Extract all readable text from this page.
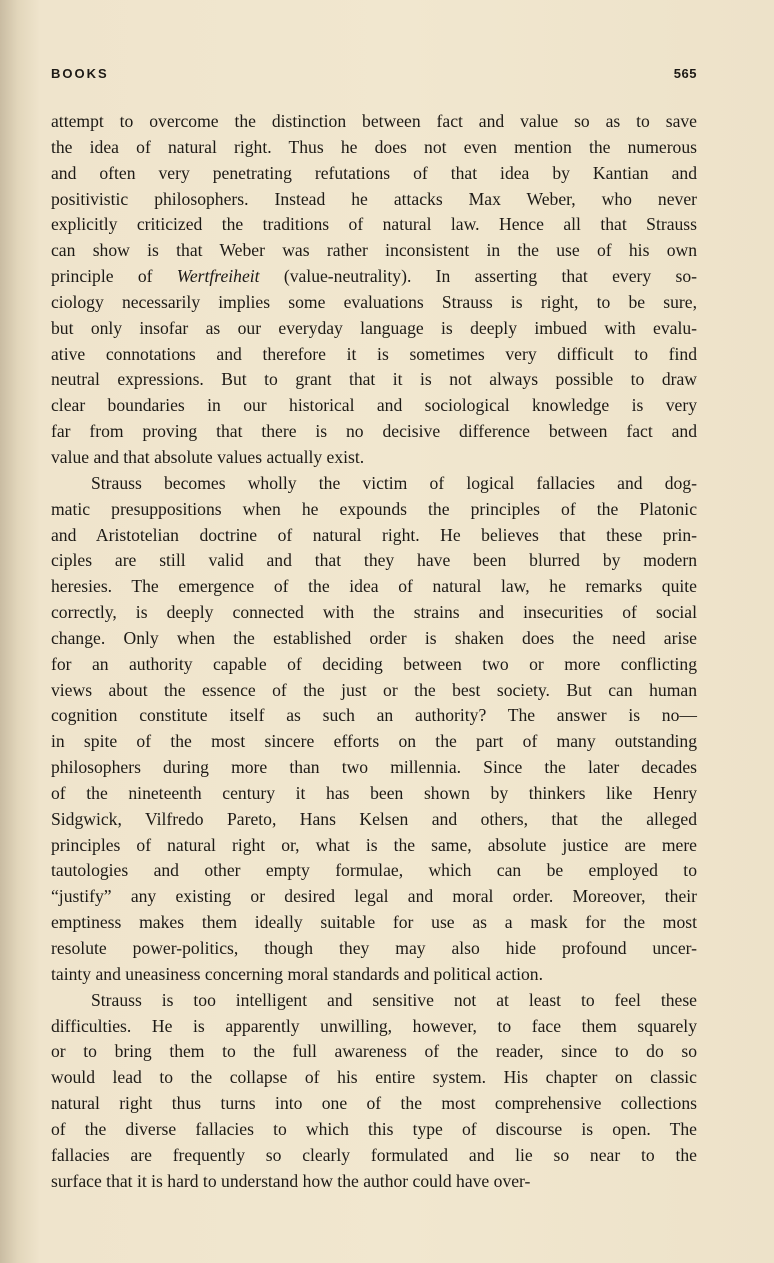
BOOKS	565
attempt to overcome the distinction between fact and value so as to save
the idea of natural right. Thus he does not even mention the numerous
and often very penetrating refutations of that idea by Kantian and
positivistic philosophers. Instead he attacks Max Weber, who never
explicitly criticized the traditions of natural law. Hence all that Strauss
can show is that Weber was rather inconsistent in the use of his own
principle of Wertfreiheit (value-neutrality). In asserting that every so-
ciology necessarily implies some evaluations Strauss is right, to be sure,
but only insofar as our everyday language is deeply imbued with evalu-
ative connotations and therefore it is sometimes very difficult to find
neutral expressions. But to grant that it is not always possible to draw
clear boundaries in our historical and sociological knowledge is very
far from proving that there is no decisive difference between fact and
value and that absolute values actually exist.
Strauss becomes wholly the victim of logical fallacies and dog-
matic presuppositions when he expounds the principles of the Platonic
and Aristotelian doctrine of natural right. He believes that these prin-
ciples are still valid and that they have been blurred by modern
heresies. The emergence of the idea of natural law, he remarks quite
correctly, is deeply connected with the strains and insecurities of social
change. Only when the established order is shaken does the need arise
for an authority capable of deciding between two or more conflicting
views about the essence of the just or the best society. But can human
cognition constitute itself as such an authority? The answer is no—
in spite of the most sincere efforts on the part of many outstanding
philosophers during more than two millennia. Since the later decades
of the nineteenth century it has been shown by thinkers like Henry
Sidgwick, Vilfredo Pareto, Hans Kelsen and others, that the alleged
principles of natural right or, what is the same, absolute justice are mere
tautologies and other empty formulae, which can be employed to
“justify” any existing or desired legal and moral order. Moreover, their
emptiness makes them ideally suitable for use as a mask for the most
resolute power-politics, though they may also hide profound uncer-
tainty and uneasiness concerning moral standards and political action.
Strauss is too intelligent and sensitive not at least to feel these
difficulties. He is apparently unwilling, however, to face them squarely
or to bring them to the full awareness of the reader, since to do so
would lead to the collapse of his entire system. His chapter on classic
natural right thus turns into one of the most comprehensive collections
of the diverse fallacies to which this type of discourse is open. The
fallacies are frequently so clearly formulated and lie so near to the
surface that it is hard to understand how the author could have over-
